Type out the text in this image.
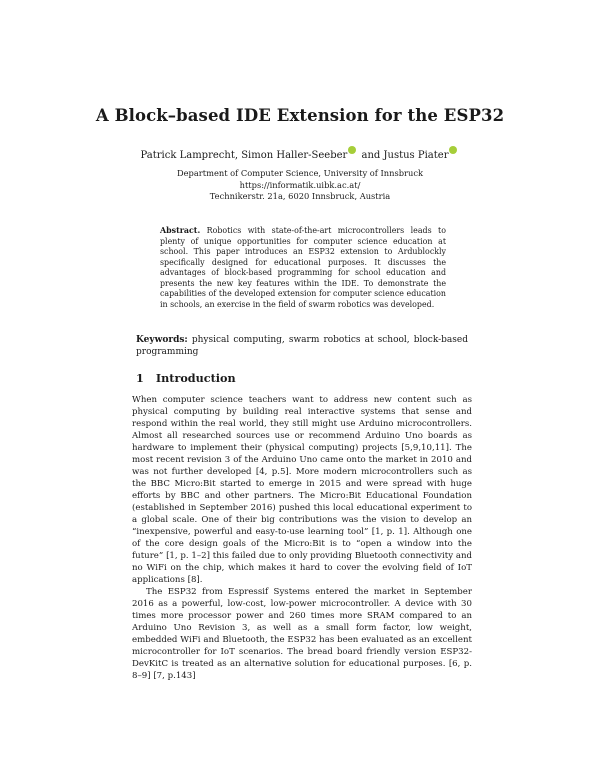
A Block–based IDE Extension for the ESP32
Patrick Lamprecht, Simon Haller-Seeber and Justus Piater
Department of Computer Science, University of Innsbruck
https://informatik.uibk.ac.at/
Technikerstr. 21a, 6020 Innsbruck, Austria
Abstract. Robotics with state-of-the-art microcontrollers leads to plenty of unique opportunities for computer science education at school. This paper introduces an ESP32 extension to Ardublockly specifically designed for educational purposes. It discusses the advantages of block-based programming for school education and presents the new key features within the IDE. To demonstrate the capabilities of the developed extension for computer science education in schools, an exercise in the field of swarm robotics was developed.
Keywords: physical computing, swarm robotics at school, block-based programming
1 Introduction

When computer science teachers want to address new content such as physical computing by building real interactive systems that sense and respond within the real world, they still might use Arduino microcontrollers. Almost all researched sources use or recommend Arduino Uno boards as hardware to implement their (physical computing) projects [5,9,10,11]. The most recent revision 3 of the Arduino Uno came onto the market in 2010 and was not further developed [4, p.5]. More modern microcontrollers such as the BBC Micro:Bit started to emerge in 2015 and were spread with huge efforts by BBC and other partners. The Micro:Bit Educational Foundation (established in September 2016) pushed this local educational experiment to a global scale. One of their big contributions was the vision to develop an “inexpensive, powerful and easy-to-use learning tool” [1, p. 1]. Although one of the core design goals of the Micro:Bit is to “open a window into the future” [1, p. 1–2] this failed due to only providing Bluetooth connectivity and no WiFi on the chip, which makes it hard to cover the evolving field of IoT applications [8].

The ESP32 from Espressif Systems entered the market in September 2016 as a powerful, low-cost, low-power microcontroller. A device with 30 times more processor power and 260 times more SRAM compared to an Arduino Uno Revision 3, as well as a small form factor, low weight, embedded WiFi and Bluetooth, the ESP32 has been evaluated as an excellent microcontroller for IoT scenarios. The bread board friendly version ESP32-DevKitC is treated as an alternative solution for educational purposes. [6, p. 8–9] [7, p.143]
